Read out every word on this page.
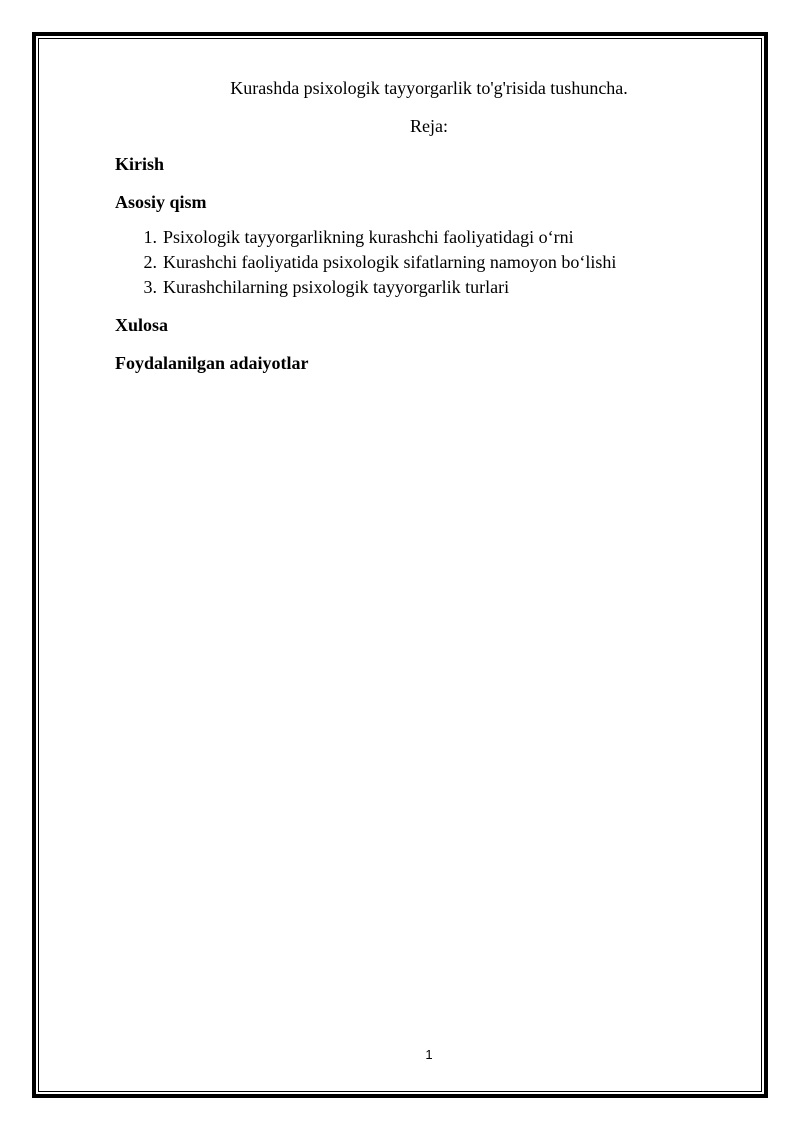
Kurashda psixologik tayyorgarlik to'g'risida tushuncha.

Reja:

Kirish

Asosiy qism

1. Psixologik tayyorgarlikning kurashchi faoliyatidagi o‘rni
2. Kurashchi faoliyatida psixologik sifatlarning namoyon bo‘lishi
3. Kurashchilarning psixologik tayyorgarlik turlari

Xulosa

Foydalanilgan adaiyotlar

1
